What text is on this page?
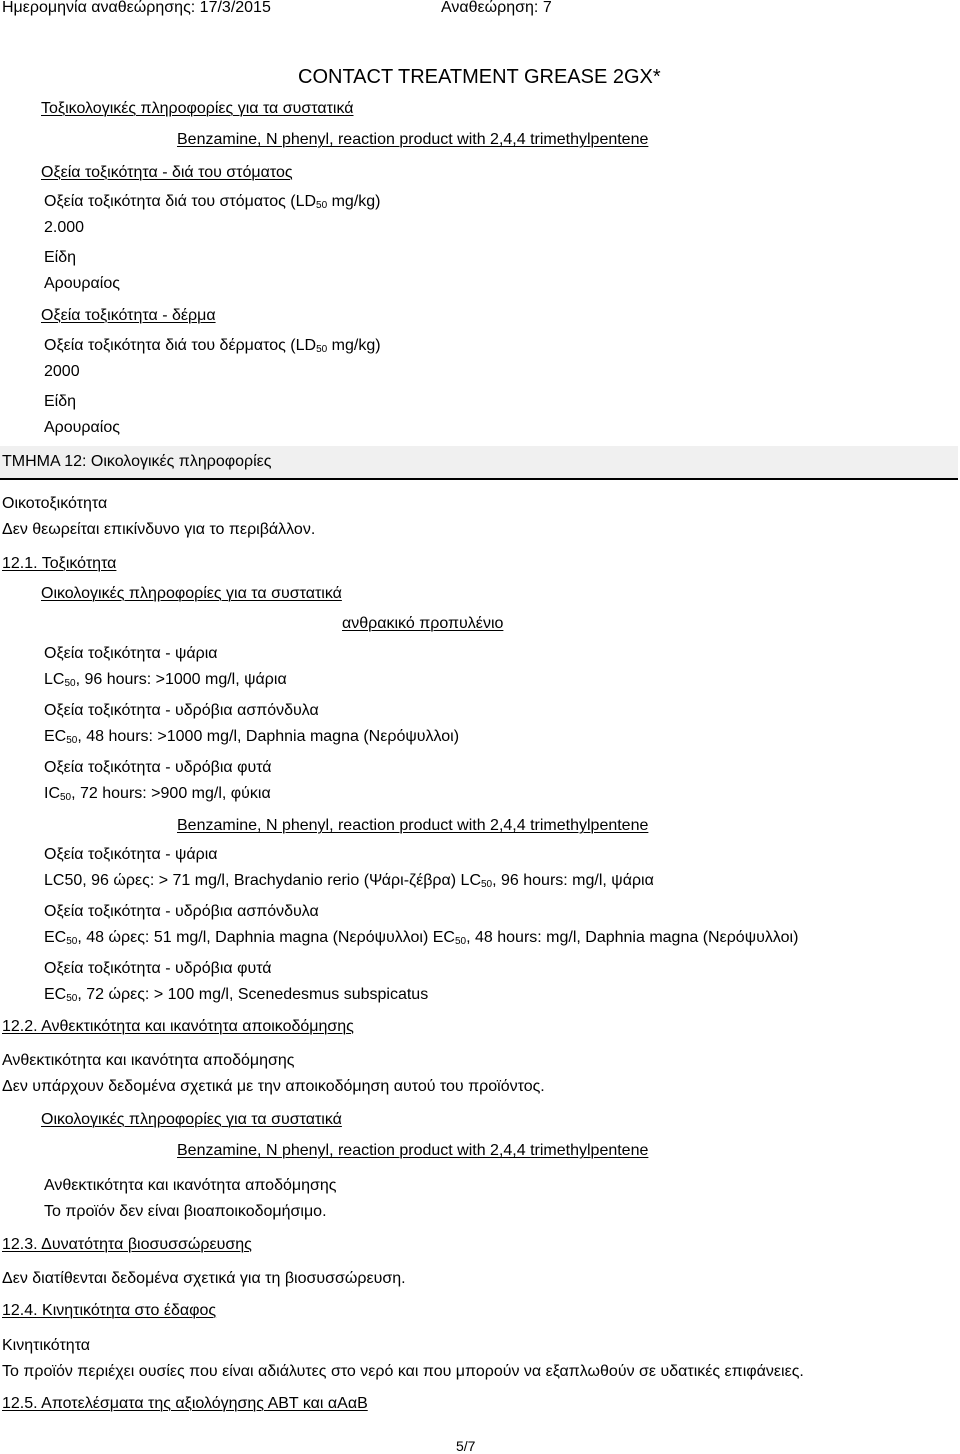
Ημερομηνία αναθεώρησης: 17/3/2015	Αναθεώρηση: 7
CONTACT TREATMENT GREASE 2GX*
Τοξικολογικές πληροφορίες για τα συστατικά
Benzamine, N phenyl, reaction product with 2,4,4 trimethylpentene
Οξεία τοξικότητα - διά του στόματος
Οξεία τοξικότητα διά του στόματος ($LD_{50}$ mg/kg)
2.000
Είδη
Αρουραίος
Οξεία τοξικότητα - δέρμα
Οξεία τοξικότητα διά του δέρματος ($LD_{50}$ mg/kg)
2000
Είδη
Αρουραίος
ΤΜΗΜΑ 12: Οικολογικές πληροφορίες
Οικοτοξικότητα
Δεν θεωρείται επικίνδυνο για το περιβάλλον.
12.1. Τοξικότητα
Οικολογικές πληροφορίες για τα συστατικά
ανθρακικό προπυλένιο
Οξεία τοξικότητα - ψάρια
$LC_{50}$, 96 hours: >1000 mg/l, ψάρια
Οξεία τοξικότητα - υδρόβια ασπόνδυλα
$EC_{50}$, 48 hours: >1000 mg/l, Daphnia magna (Νερόψυλλοι)
Οξεία τοξικότητα - υδρόβια φυτά
$IC_{50}$, 72 hours: >900 mg/l, φύκια
Benzamine, N phenyl, reaction product with 2,4,4 trimethylpentene
Οξεία τοξικότητα - ψάρια
LC50, 96 ώρες: > 71 mg/l, Brachydanio rerio (Ψάρι-ζέβρα) $LC_{50}$, 96 hours: mg/l, ψάρια
Οξεία τοξικότητα - υδρόβια ασπόνδυλα
$EC_{50}$, 48 ώρες: 51 mg/l, Daphnia magna (Νερόψυλλοι) $EC_{50}$, 48 hours: mg/l, Daphnia magna (Νερόψυλλοι)
Οξεία τοξικότητα - υδρόβια φυτά
$EC_{50}$, 72 ώρες: > 100 mg/l, Scenedesmus subspicatus
12.2. Ανθεκτικότητα και ικανότητα αποικοδόμησης
Ανθεκτικότητα και ικανότητα αποδόμησης
Δεν υπάρχουν δεδομένα σχετικά με την αποικοδόμηση αυτού του προϊόντος.
Οικολογικές πληροφορίες για τα συστατικά
Benzamine, N phenyl, reaction product with 2,4,4 trimethylpentene
Ανθεκτικότητα και ικανότητα αποδόμησης
Το προϊόν δεν είναι βιοαποικοδομήσιμο.
12.3. Δυνατότητα βιοσυσσώρευσης
Δεν διατίθενται δεδομένα σχετικά για τη βιοσυσσώρευση.
12.4. Κινητικότητα στο έδαφος
Κινητικότητα
Το προϊόν περιέχει ουσίες που είναι αδιάλυτες στο νερό και που μπορούν να εξαπλωθούν σε υδατικές επιφάνειες.
12.5. Αποτελέσματα της αξιολόγησης ΑΒΤ και αΑαΒ
5/7
